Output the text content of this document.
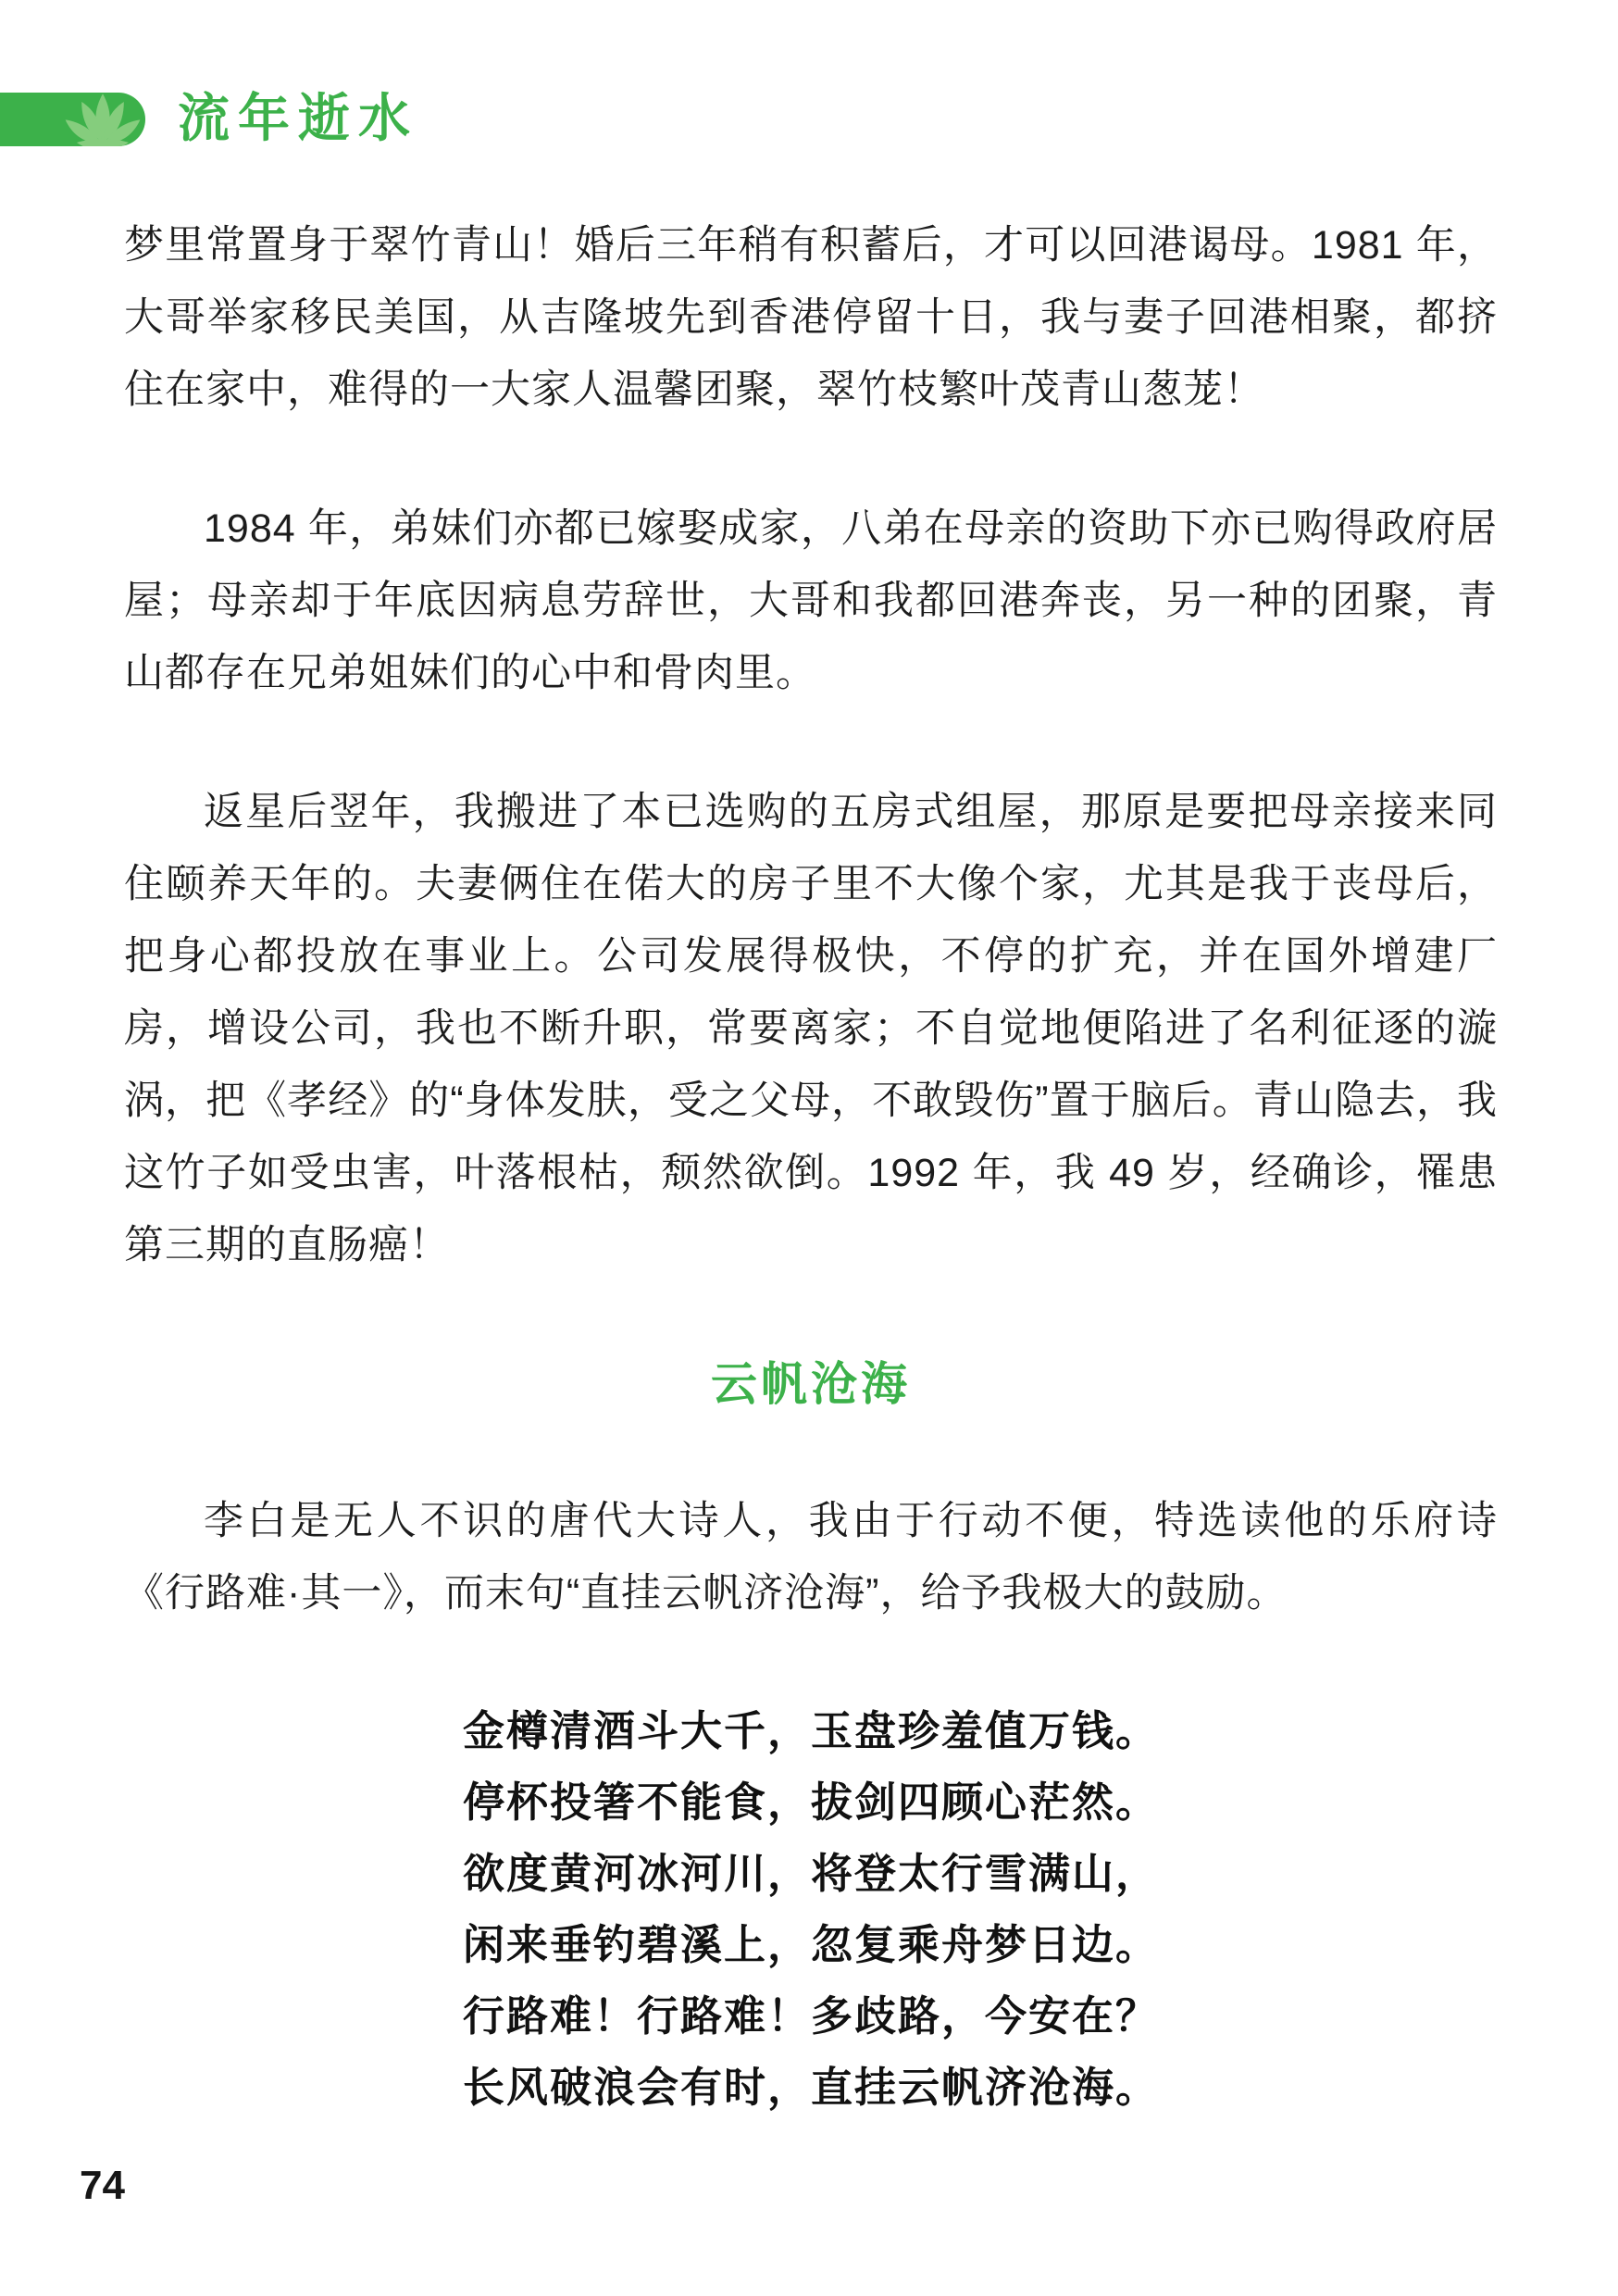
流年逝水

梦里常置身于翠竹青山！婚后三年稍有积蓄后，才可以回港谒母。1981 年，大哥举家移民美国，从吉隆坡先到香港停留十日，我与妻子回港相聚，都挤住在家中，难得的一大家人温馨团聚，翠竹枝繁叶茂青山葱茏！

1984 年，弟妹们亦都已嫁娶成家，八弟在母亲的资助下亦已购得政府居屋；母亲却于年底因病息劳辞世，大哥和我都回港奔丧，另一种的团聚，青山都存在兄弟姐妹们的心中和骨肉里。

返星后翌年，我搬进了本已选购的五房式组屋，那原是要把母亲接来同住颐养天年的。夫妻俩住在偌大的房子里不大像个家，尤其是我于丧母后，把身心都投放在事业上。公司发展得极快，不停的扩充，并在国外增建厂房，增设公司，我也不断升职，常要离家；不自觉地便陷进了名利征逐的漩涡，把《孝经》的“身体发肤，受之父母，不敢毁伤”置于脑后。青山隐去，我这竹子如受虫害，叶落根枯，颓然欲倒。1992 年，我 49 岁，经确诊，罹患第三期的直肠癌！

云帆沧海

李白是无人不识的唐代大诗人，我由于行动不便，特选读他的乐府诗《行路难·其一》，而末句“直挂云帆济沧海”，给予我极大的鼓励。

金樽清酒斗大千，玉盘珍羞值万钱。
停杯投箸不能食，拔剑四顾心茫然。
欲度黄河冰河川，将登太行雪满山，
闲来垂钓碧溪上，忽复乘舟梦日边。
行路难！行路难！多歧路，今安在？
长风破浪会有时，直挂云帆济沧海。
74
